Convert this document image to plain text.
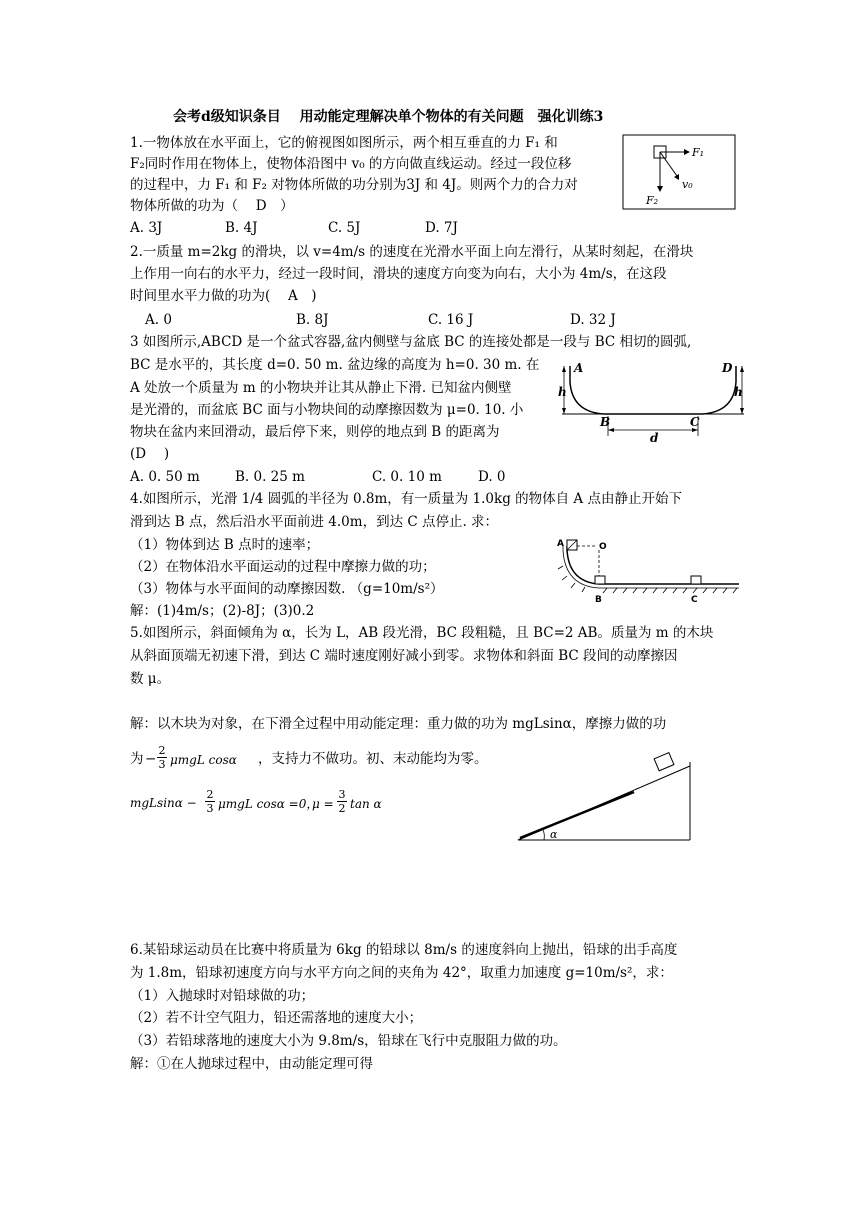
会考d级知识条目　 用动能定理解决单个物体的有关问题　强化训练3
1.一物体放在水平面上，它的俯视图如图所示，两个相互垂直的力 F₁ 和
F₂同时作用在物体上，使物体沿图中 v₀ 的方向做直线运动。经过一段位移
的过程中，力 F₁ 和 F₂ 对物体所做的功分别为3J 和 4J。则两个力的合力对
物体所做的功为（　 D　）
A. 3J	B. 4J	C. 5J	D. 7J
F₁
v₀
F₂
2.一质量 m=2kg 的滑块，以 v=4m/s 的速度在光滑水平面上向左滑行，从某时刻起，在滑块
上作用一向右的水平力，经过一段时间，滑块的速度方向变为向右，大小为 4m/s，在这段
时间里水平力做的功为(　 A　)
A. 0	B. 8J	C. 16 J	D. 32 J
3 如图所示,ABCD 是一个盆式容器,盆内侧壁与盆底 BC 的连接处都是一段与 BC 相切的圆弧,
BC 是水平的，其长度 d=0. 50 m. 盆边缘的高度为 h=0. 30 m. 在
A 处放一个质量为 m 的小物块并让其从静止下滑. 已知盆内侧壁
是光滑的，而盆底 BC 面与小物块间的动摩擦因数为 μ=0. 10. 小
物块在盆内来回滑动，最后停下来，则停的地点到 B 的距离为
(D　 )
A. 0. 50 m	B. 0. 25 m	C. 0. 10 m	D. 0
A	D
h	h
B	C
d
4.如图所示，光滑 1/4 圆弧的半径为 0.8m，有一质量为 1.0kg 的物体自 A 点由静止开始下
滑到达 B 点，然后沿水平面前进 4.0m，到达 C 点停止. 求：
（1）物体到达 B 点时的速率；
（2）在物体沿水平面运动的过程中摩擦力做的功；
（3）物体与水平面间的动摩擦因数. （g=10m/s²）
解：(1)4m/s；(2)-8J；(3)0.2
A	O
B	C
5.如图所示，斜面倾角为 α，长为 L，AB 段光滑，BC 段粗糙，且 BC=2 AB。质量为 m 的木块
从斜面顶端无初速下滑，到达 C 端时速度刚好减小到零。求物体和斜面 BC 段间的动摩擦因
数 μ。
解：以木块为对象，在下滑全过程中用动能定理：重力做的功为 mgLsinα，摩擦力做的功
为 − $\frac{2}{3}$ μmgL cosα ，支持力不做功。初、末动能均为零。
$mgLsin\alpha - \frac{2}{3}$ μmgL cosα =0，
$\mu = \frac{3}{2}$ tan α
α
6.某铅球运动员在比赛中将质量为 6kg 的铅球以 8m/s 的速度斜向上抛出，铅球的出手高度
为 1.8m，铅球初速度方向与水平方向之间的夹角为 42°，取重力加速度 g=10m/s²，求：
（1）入抛球时对铅球做的功；
（2）若不计空气阻力，铅还需落地的速度大小；
（3）若铅球落地的速度大小为 9.8m/s，铅球在飞行中克服阻力做的功。
解：①在人抛球过程中，由动能定理可得
